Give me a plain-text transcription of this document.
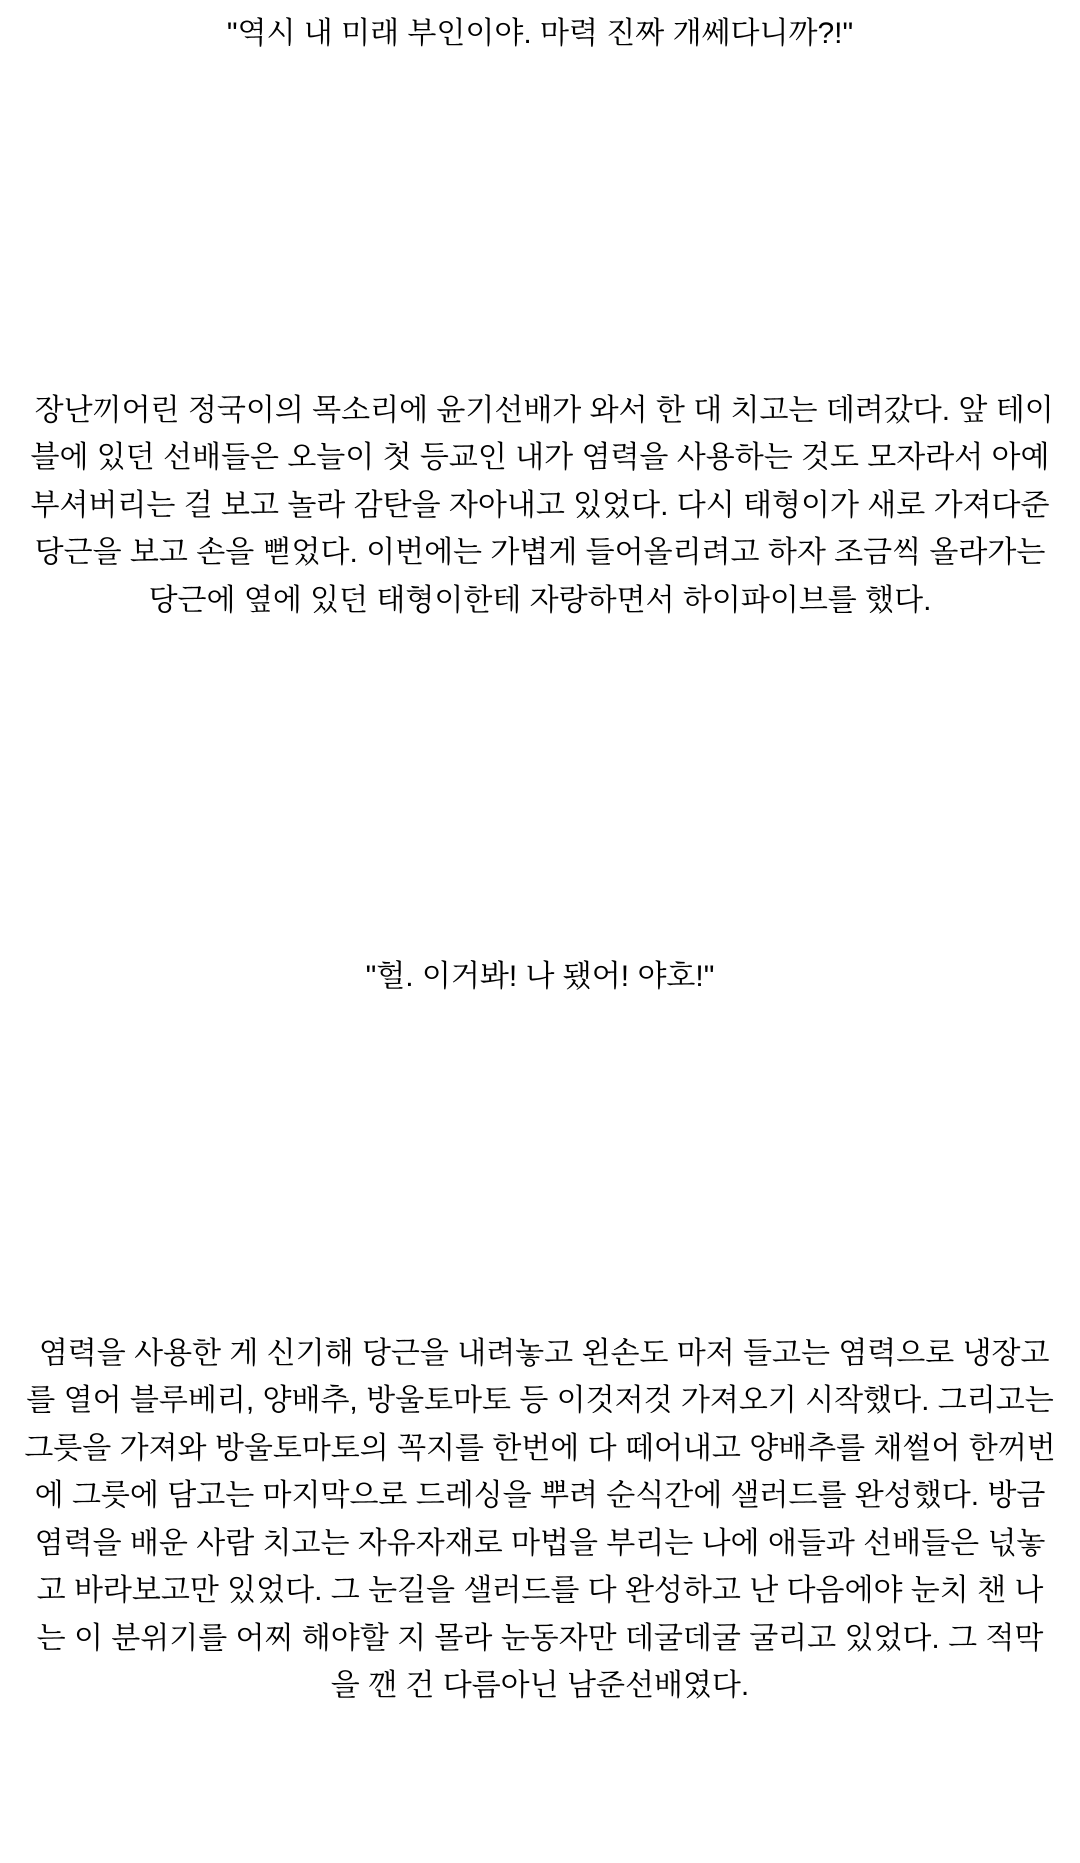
"역시 내 미래 부인이야. 마력 진짜 개쎄다니까?!"

장난끼어린 정국이의 목소리에 윤기선배가 와서 한 대 치고는 데려갔다. 앞 테이블에 있던 선배들은 오늘이 첫 등교인 내가 염력을 사용하는 것도 모자라서 아예 부셔버리는 걸 보고 놀라 감탄을 자아내고 있었다. 다시 태형이가 새로 가져다준 당근을 보고 손을 뻗었다. 이번에는 가볍게 들어올리려고 하자 조금씩 올라가는 당근에 옆에 있던 태형이한테 자랑하면서 하이파이브를 했다.

"헐. 이거봐! 나 됐어! 야호!"

염력을 사용한 게 신기해 당근을 내려놓고 왼손도 마저 들고는 염력으로 냉장고를 열어 블루베리, 양배추, 방울토마토 등 이것저것 가져오기 시작했다. 그리고는 그릇을 가져와 방울토마토의 꼭지를 한번에 다 떼어내고 양배추를 채썰어 한꺼번에 그릇에 담고는 마지막으로 드레싱을 뿌려 순식간에 샐러드를 완성했다. 방금 염력을 배운 사람 치고는 자유자재로 마법을 부리는 나에 애들과 선배들은 넋놓고 바라보고만 있었다. 그 눈길을 샐러드를 다 완성하고 난 다음에야 눈치 챈 나는 이 분위기를 어찌 해야할 지 몰라 눈동자만 데굴데굴 굴리고 있었다. 그 적막을 깬 건 다름아닌 남준선배였다.
